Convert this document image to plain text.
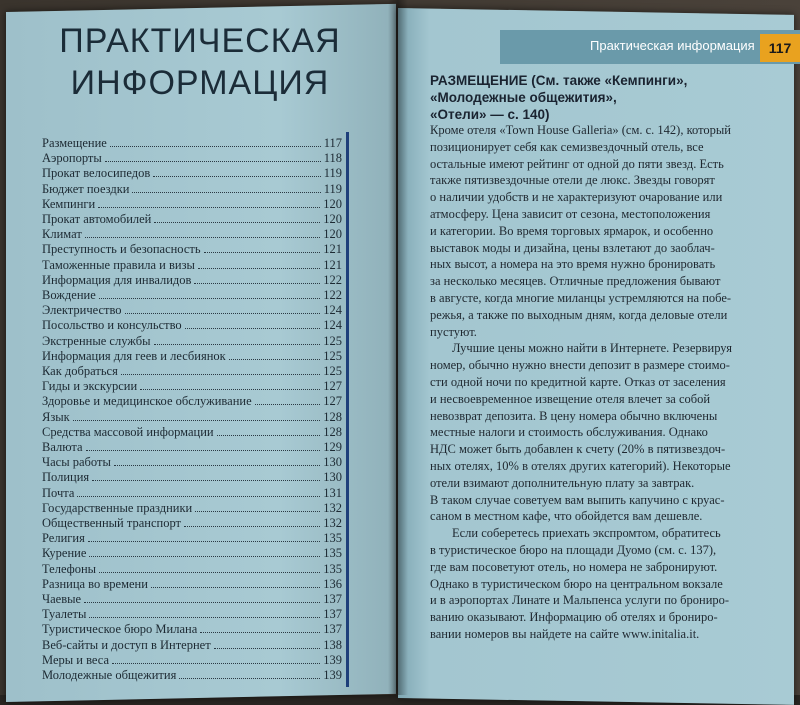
ПРАКТИЧЕСКАЯ
ИНФОРМАЦИЯ
Размещение	117
Аэропорты	118
Прокат велосипедов	119
Бюджет поездки	119
Кемпинги	120
Прокат автомобилей	120
Климат	120
Преступность и безопасность	121
Таможенные правила и визы	121
Информация для инвалидов	122
Вождение	122
Электричество	124
Посольство и консульство	124
Экстренные службы	125
Информация для геев и лесбиянок	125
Как добраться	125
Гиды и экскурсии	127
Здоровье и медицинское обслуживание	127
Язык	128
Средства массовой информации	128
Валюта	129
Часы работы	130
Полиция	130
Почта	131
Государственные праздники	132
Общественный транспорт	132
Религия	135
Курение	135
Телефоны	135
Разница во времени	136
Чаевые	137
Туалеты	137
Туристическое бюро Милана	137
Веб-сайты и доступ в Интернет	138
Меры и веса	139
Молодежные общежития	139
Практическая информация 117
РАЗМЕЩЕНИЕ (См. также «Кемпинги»,
«Молодежные общежития»,
«Отели» — с. 140)
Кроме отеля «Town House Galleria» (см. с. 142), который
позиционирует себя как семизвездочный отель, все
остальные имеют рейтинг от одной до пяти звезд. Есть
также пятизвездочные отели де люкс. Звезды говорят
о наличии удобств и не характеризуют очарование или
атмосферу. Цена зависит от сезона, местоположения
и категории. Во время торговых ярмарок, и особенно
выставок моды и дизайна, цены взлетают до заоблач-
ных высот, а номера на это время нужно бронировать
за несколько месяцев. Отличные предложения бывают
в августе, когда многие миланцы устремляются на побе-
режья, а также по выходным дням, когда деловые отели
пустуют.
Лучшие цены можно найти в Интернете. Резервируя
номер, обычно нужно внести депозит в размере стоимо-
сти одной ночи по кредитной карте. Отказ от заселения
и несвоевременное извещение отеля влечет за собой
невозврат депозита. В цену номера обычно включены
местные налоги и стоимость обслуживания. Однако
НДС может быть добавлен к счету (20% в пятизвездоч-
ных отелях, 10% в отелях других категорий). Некоторые
отели взимают дополнительную плату за завтрак.
В таком случае советуем вам выпить капучино с круас-
саном в местном кафе, что обойдется вам дешевле.
Если соберетесь приехать экспромтом, обратитесь
в туристическое бюро на площади Дуомо (см. с. 137),
где вам посоветуют отель, но номера не забронируют.
Однако в туристическом бюро на центральном вокзале
и в аэропортах Линате и Мальпенса услуги по брониро-
ванию оказывают. Информацию об отелях и брониро-
вании номеров вы найдете на сайте www.initalia.it.
